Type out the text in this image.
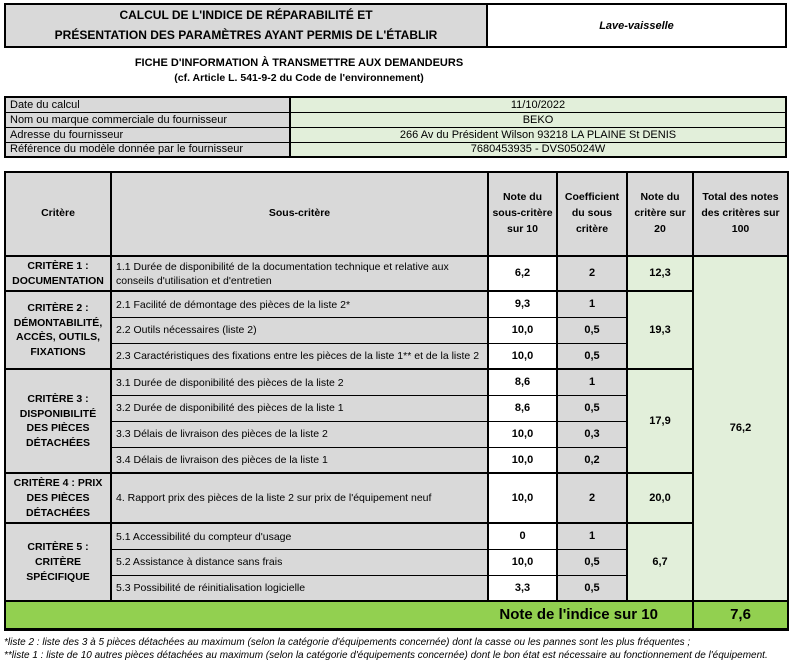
CALCUL DE L'INDICE DE RÉPARABILITÉ ET
PRÉSENTATION DES PARAMÈTRES AYANT PERMIS DE L'ÉTABLIR
Lave-vaisselle
FICHE D'INFORMATION À TRANSMETTRE AUX DEMANDEURS
(cf. Article L. 541-9-2 du Code de l'environnement)
Date du calcul	11/10/2022
Nom ou marque commerciale du fournisseur	BEKO
Adresse du fournisseur	266 Av du Président Wilson 93218 LA PLAINE St DENIS
Référence du modèle donnée par le fournisseur	7680453935 - DVS05024W
Critère	Sous-critère	Note du sous-critère sur 10	Coefficient du sous critère	Note du critère sur 20	Total des notes des critères sur 100
CRITÈRE 1 : DOCUMENTATION	1.1 Durée de disponibilité de la documentation technique et relative aux conseils d'utilisation et d'entretien	6,2	2	12,3	76,2
CRITÈRE 2 : DÉMONTABILITÉ, ACCÈS, OUTILS, FIXATIONS	2.1 Facilité de démontage des pièces de la liste 2*	9,3	1	19,3	
	2.2 Outils nécessaires (liste 2)	10,0	0,5		
	2.3 Caractéristiques des fixations entre les pièces de la liste 1** et de la liste 2	10,0	0,5		
CRITÈRE 3 : DISPONIBILITÉ DES PIÈCES DÉTACHÉES	3.1 Durée de disponibilité des pièces de la liste 2	8,6	1	17,9	
	3.2 Durée de disponibilité des pièces de la liste 1	8,6	0,5		
	3.3 Délais de livraison des pièces de la liste 2	10,0	0,3		
	3.4 Délais de livraison des pièces de la liste 1	10,0	0,2		
CRITÈRE 4 : PRIX DES PIÈCES DÉTACHÉES	4. Rapport prix des pièces de la liste 2 sur prix de l'équipement neuf	10,0	2	20,0	
CRITÈRE 5 : CRITÈRE SPÉCIFIQUE	5.1 Accessibilité du compteur d'usage	0	1	6,7	
	5.2 Assistance à distance sans frais	10,0	0,5		
	5.3 Possibilité de réinitialisation logicielle	3,3	0,5		
Note de l'indice sur 10					7,6
*liste 2 : liste des 3 à 5 pièces détachées au maximum (selon la catégorie d'équipements concernée) dont la casse ou les pannes sont les plus fréquentes ;
**liste 1 : liste de 10 autres pièces détachées au maximum (selon la catégorie d'équipements concernée) dont le bon état est nécessaire au fonctionnement de l'équipement.
